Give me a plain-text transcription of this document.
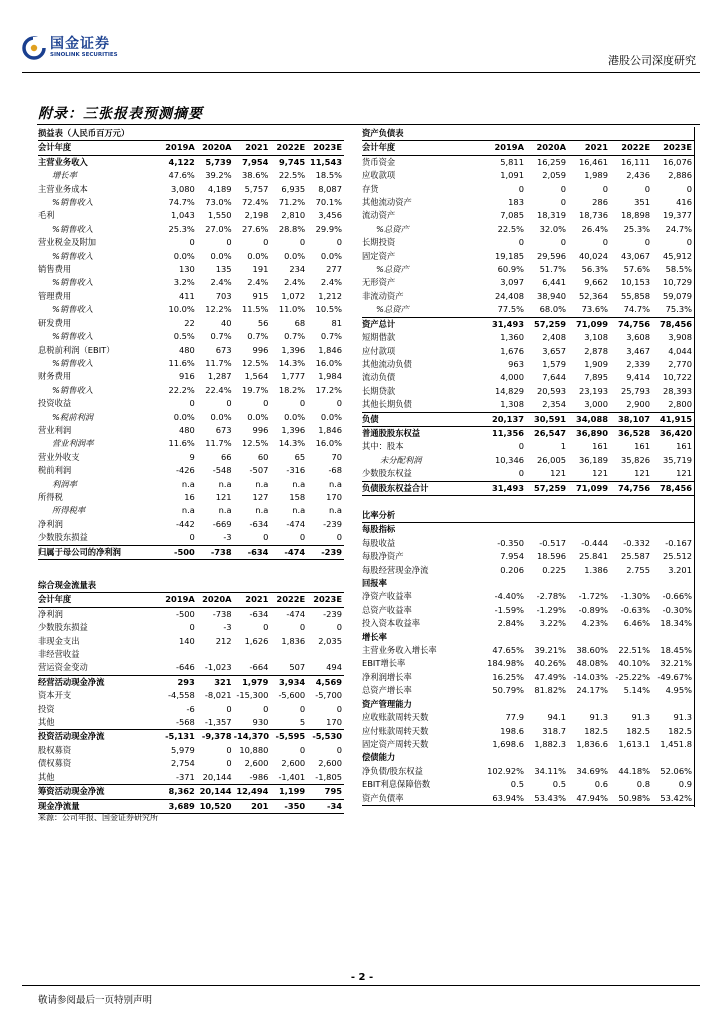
国金证券
SINOLINK SECURITIES	港股公司深度研究
附录：三张报表预测摘要
损益表（人民币百万元）					
会计年度	2019A	2020A	2021	2022E	2023E
主营业务收入	4,122	5,739	7,954	9,745	11,543
增长率	47.6%	39.2%	38.6%	22.5%	18.5%
主营业务成本	3,080	4,189	5,757	6,935	8,087
%销售收入	74.7%	73.0%	72.4%	71.2%	70.1%
毛利	1,043	1,550	2,198	2,810	3,456
%销售收入	25.3%	27.0%	27.6%	28.8%	29.9%
营业税金及附加	0	0	0	0	0
%销售收入	0.0%	0.0%	0.0%	0.0%	0.0%
销售费用	130	135	191	234	277
%销售收入	3.2%	2.4%	2.4%	2.4%	2.4%
管理费用	411	703	915	1,072	1,212
%销售收入	10.0%	12.2%	11.5%	11.0%	10.5%
研发费用	22	40	56	68	81
%销售收入	0.5%	0.7%	0.7%	0.7%	0.7%
息税前利润（EBIT）	480	673	996	1,396	1,846
%销售收入	11.6%	11.7%	12.5%	14.3%	16.0%
财务费用	916	1,287	1,564	1,777	1,984
%销售收入	22.2%	22.4%	19.7%	18.2%	17.2%
投资收益	0	0	0	0	0
%税前利润	0.0%	0.0%	0.0%	0.0%	0.0%
营业利润	480	673	996	1,396	1,846
营业利润率	11.6%	11.7%	12.5%	14.3%	16.0%
营业外收支	9	66	60	65	70
税前利润	-426	-548	-507	-316	-68
利润率	n.a	n.a	n.a	n.a	n.a
所得税	16	121	127	158	170
所得税率	n.a	n.a	n.a	n.a	n.a
净利润	-442	-669	-634	-474	-239
少数股东损益	0	-3	0	0	0
归属于母公司的净利润	-500	-738	-634	-474	-239
综合现金流量表					
会计年度	2019A	2020A	2021	2022E	2023E
净利润	-500	-738	-634	-474	-239
少数股东损益	0	-3	0	0	0
非现金支出	140	212	1,626	1,836	2,035
非经营收益					
营运资金变动	-646	-1,023	-664	507	494
经营活动现金净流	293	321	1,979	3,934	4,569
资本开支	-4,558	-8,021	-15,300	-5,600	-5,700
投资	-6	0	0	0	0
其他	-568	-1,357	930	5	170
投资活动现金净流	-5,131	-9,378	-14,370	-5,595	-5,530
股权募资	5,979	0	10,880	0	0
债权募资	2,754	0	2,600	2,600	2,600
其他	-371	20,144	-986	-1,401	-1,805
筹资活动现金净流	8,362	20,144	12,494	1,199	795
现金净流量	3,689	10,520	201	-350	-34
资产负债表					
会计年度	2019A	2020A	2021	2022E	2023E
货币资金	5,811	16,259	16,461	16,111	16,076
应收款项	1,091	2,059	1,989	2,436	2,886
存货	0	0	0	0	0
其他流动资产	183	0	286	351	416
流动资产	7,085	18,319	18,736	18,898	19,377
%总资产	22.5%	32.0%	26.4%	25.3%	24.7%
长期投资	0	0	0	0	0
固定资产	19,185	29,596	40,024	43,067	45,912
%总资产	60.9%	51.7%	56.3%	57.6%	58.5%
无形资产	3,097	6,441	9,662	10,153	10,729
非流动资产	24,408	38,940	52,364	55,858	59,079
%总资产	77.5%	68.0%	73.6%	74.7%	75.3%
资产总计	31,493	57,259	71,099	74,756	78,456
短期借款	1,360	2,408	3,108	3,608	3,908
应付款项	1,676	3,657	2,878	3,467	4,044
其他流动负债	963	1,579	1,909	2,339	2,770
流动负债	4,000	7,644	7,895	9,414	10,722
长期贷款	14,829	20,593	23,193	25,793	28,393
其他长期负债	1,308	2,354	3,000	2,900	2,800
负债	20,137	30,591	34,088	38,107	41,915
普通股股东权益	11,356	26,547	36,890	36,528	36,420
其中：股本	0	1	161	161	161
未分配利润	10,346	26,005	36,189	35,826	35,719
少数股东权益	0	121	121	121	121
负债股东权益合计	31,493	57,259	71,099	74,756	78,456
比率分析					
每股指标					
每股收益	-0.350	-0.517	-0.444	-0.332	-0.167
每股净资产	7.954	18.596	25.841	25.587	25.512
每股经营现金净流	0.206	0.225	1.386	2.755	3.201
回报率					
净资产收益率	-4.40%	-2.78%	-1.72%	-1.30%	-0.66%
总资产收益率	-1.59%	-1.29%	-0.89%	-0.63%	-0.30%
投入资本收益率	2.84%	3.22%	4.23%	6.46%	18.34%
增长率					
主营业务收入增长率	47.65%	39.21%	38.60%	22.51%	18.45%
EBIT增长率	184.98%	40.26%	48.08%	40.10%	32.21%
净利润增长率	16.25%	47.49%	-14.03%	-25.22%	-49.67%
总资产增长率	50.79%	81.82%	24.17%	5.14%	4.95%
资产管理能力					
应收账款周转天数	77.9	94.1	91.3	91.3	91.3
应付账款周转天数	198.6	318.7	182.5	182.5	182.5
固定资产周转天数	1,698.6	1,882.3	1,836.6	1,613.1	1,451.8
偿债能力					
净负债/股东权益	102.92%	34.11%	34.69%	44.18%	52.06%
EBIT利息保障倍数	0.5	0.5	0.6	0.8	0.9
资产负债率	63.94%	53.43%	47.94%	50.98%	53.42%
来源：公司年报、国金证券研究所
- 2 -
敬请参阅最后一页特别声明
